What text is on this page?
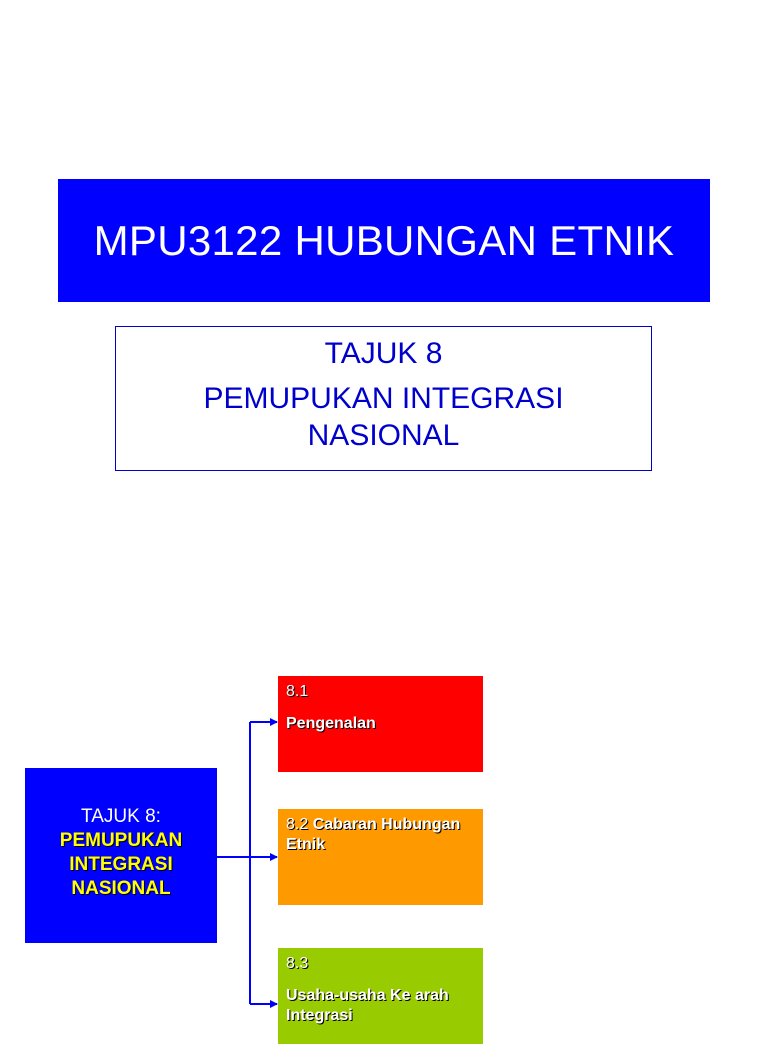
MPU3122 HUBUNGAN ETNIK
TAJUK 8
PEMUPUKAN INTEGRASI NASIONAL
TAJUK 8:
PEMUPUKAN INTEGRASI NASIONAL
8.1
Pengenalan
8.2 Cabaran Hubungan Etnik
8.3
Usaha-usaha Ke arah Integrasi
